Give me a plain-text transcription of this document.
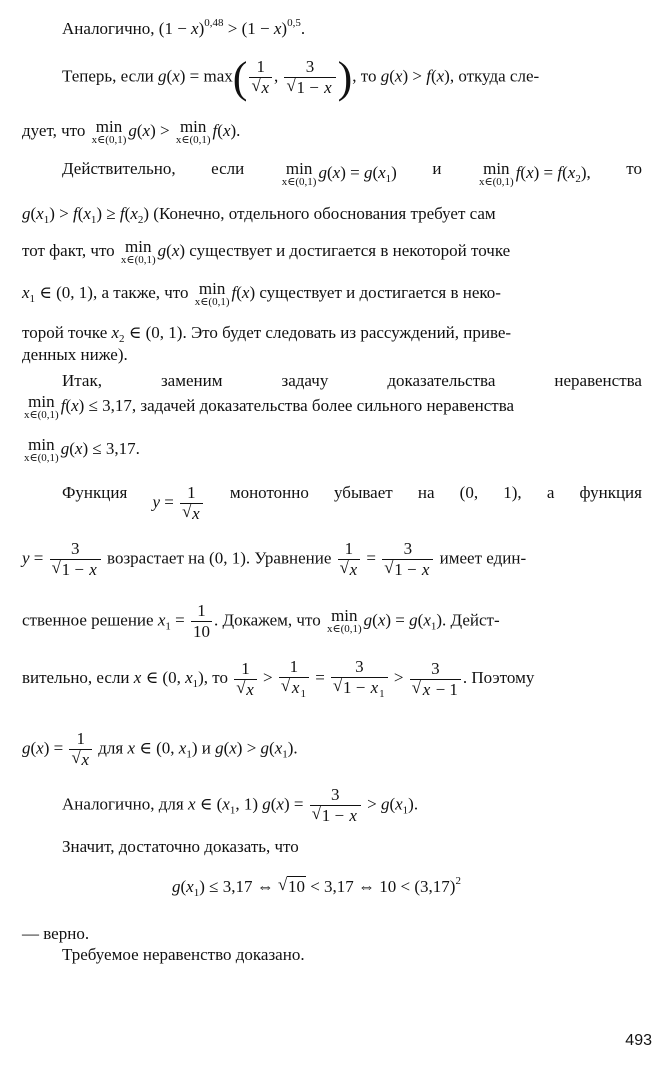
Аналогично, $(1 - x)^{0,48} > (1 - x)^{0,5}$.
Теперь, если g(x) = max( 1
√ x , 3
√ 1 − x ), то g(x) > f(x), откуда сле-
дует, что min
x∈(0,1)
g(x) > min
x∈(0,1)
f(x).
Действительно, если min
x∈(0,1)
$g(x) = g(x_1)$ и min
x∈(0,1)
$f(x) = f(x_2)$, то
$g(x_1) > f(x_1) \ge f(x_2)$ (Конечно, отдельного обоснования требует сам
тот факт, что min
x∈(0,1)
g(x) существует и достигается в некоторой точке
$x_1$ ∈ (0, 1), а также, что min
x∈(0,1)
f(x) существует и достигается в неко-
торой точке $x_2$ ∈ (0, 1). Это будет следовать из рассуждений, приве-
денных ниже).
Итак,	заменим	задачу	доказательства	неравенства
min
x∈(0,1)
f(x) ≤ 3,17, задачей доказательства более сильного неравенства
min
x∈(0,1)
g(x) ≤ 3,17.
Функция y = 1
√ x монотонно убывает на (0, 1), а функция
y = 3
√ 1 − x возрастает на (0, 1). Уравнение 1
√ x = 3
√ 1 − x имеет един-
ственное решение $x_1 = \frac{1}{10}$ . Докажем, что min
x∈(0,1)
$g(x) = g(x_1)$. Дейст-
вительно, если x ∈ (0, $x_1$), то 1
√ x > 1
√ $x_1 = 3$
√ $1 - x_1 > 3$
√ x − 1 . Поэтому
g(x) = 1
√ x для x ∈ (0, $x_1$) и $g(x) > g(x_1)$.
Аналогично, для x ∈ ($x_1$, 1) g(x) = 3
√ $1 - x > g(x_1)$.
Значит, достаточно доказать, что
$g(x_1) \le 3,17$ ⇔ √ 10 < 3,17 ⇔ $10 < (3,17)^2$
— верно.
Требуемое неравенство доказано.
493
